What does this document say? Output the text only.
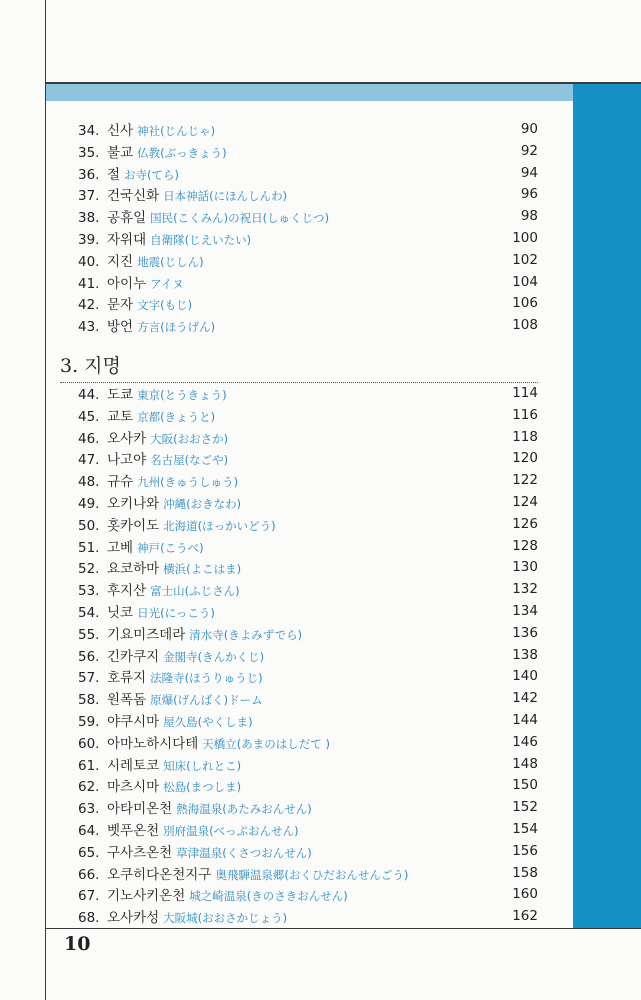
34. 신사 神社(じんじゃ)	90
35. 불교 仏教(ぶっきょう)	92
36. 절 お寺(てら)	94
37. 건국신화 日本神話(にほんしんわ)	96
38. 공휴일 国民(こくみん)の祝日(しゅくじつ)	98
39. 자위대 自衛隊(じえいたい)	100
40. 지진 地震(じしん)	102
41. 아이누 アイヌ	104
42. 문자 文字(もじ)	106
43. 방언 方言(ほうげん)	108
3. 지명
44. 도쿄 東京(とうきょう)	114
45. 교토 京都(きょうと)	116
46. 오사카 大阪(おおさか)	118
47. 나고야 名古屋(なごや)	120
48. 규슈 九州(きゅうしゅう)	122
49. 오키나와 沖縄(おきなわ)	124
50. 홋카이도 北海道(ほっかいどう)	126
51. 고베 神戸(こうべ)	128
52. 요코하마 横浜(よこはま)	130
53. 후지산 富士山(ふじさん)	132
54. 닛코 日光(にっこう)	134
55. 기요미즈데라 清水寺(きよみずでら)	136
56. 긴카쿠지 金閣寺(きんかくじ)	138
57. 호류지 法隆寺(ほうりゅうじ)	140
58. 원폭돔 原爆(げんばく)ドーム	142
59. 야쿠시마 屋久島(やくしま)	144
60. 아마노하시다테 天橋立(あまのはしだて )	146
61. 시레토코 知床(しれとこ)	148
62. 마츠시마 松島(まつしま)	150
63. 아타미온천 熱海温泉(あたみおんせん)	152
64. 벳푸온천 別府温泉(べっぷおんせん)	154
65. 구사츠온천 草津温泉(くさつおんせん)	156
66. 오쿠히다온천지구 奥飛騨温泉郷(おくひだおんせんごう)	158
67. 기노사키온천 城之崎温泉(きのさきおんせん)	160
68. 오사카성 大阪城(おおさかじょう)	162
10
